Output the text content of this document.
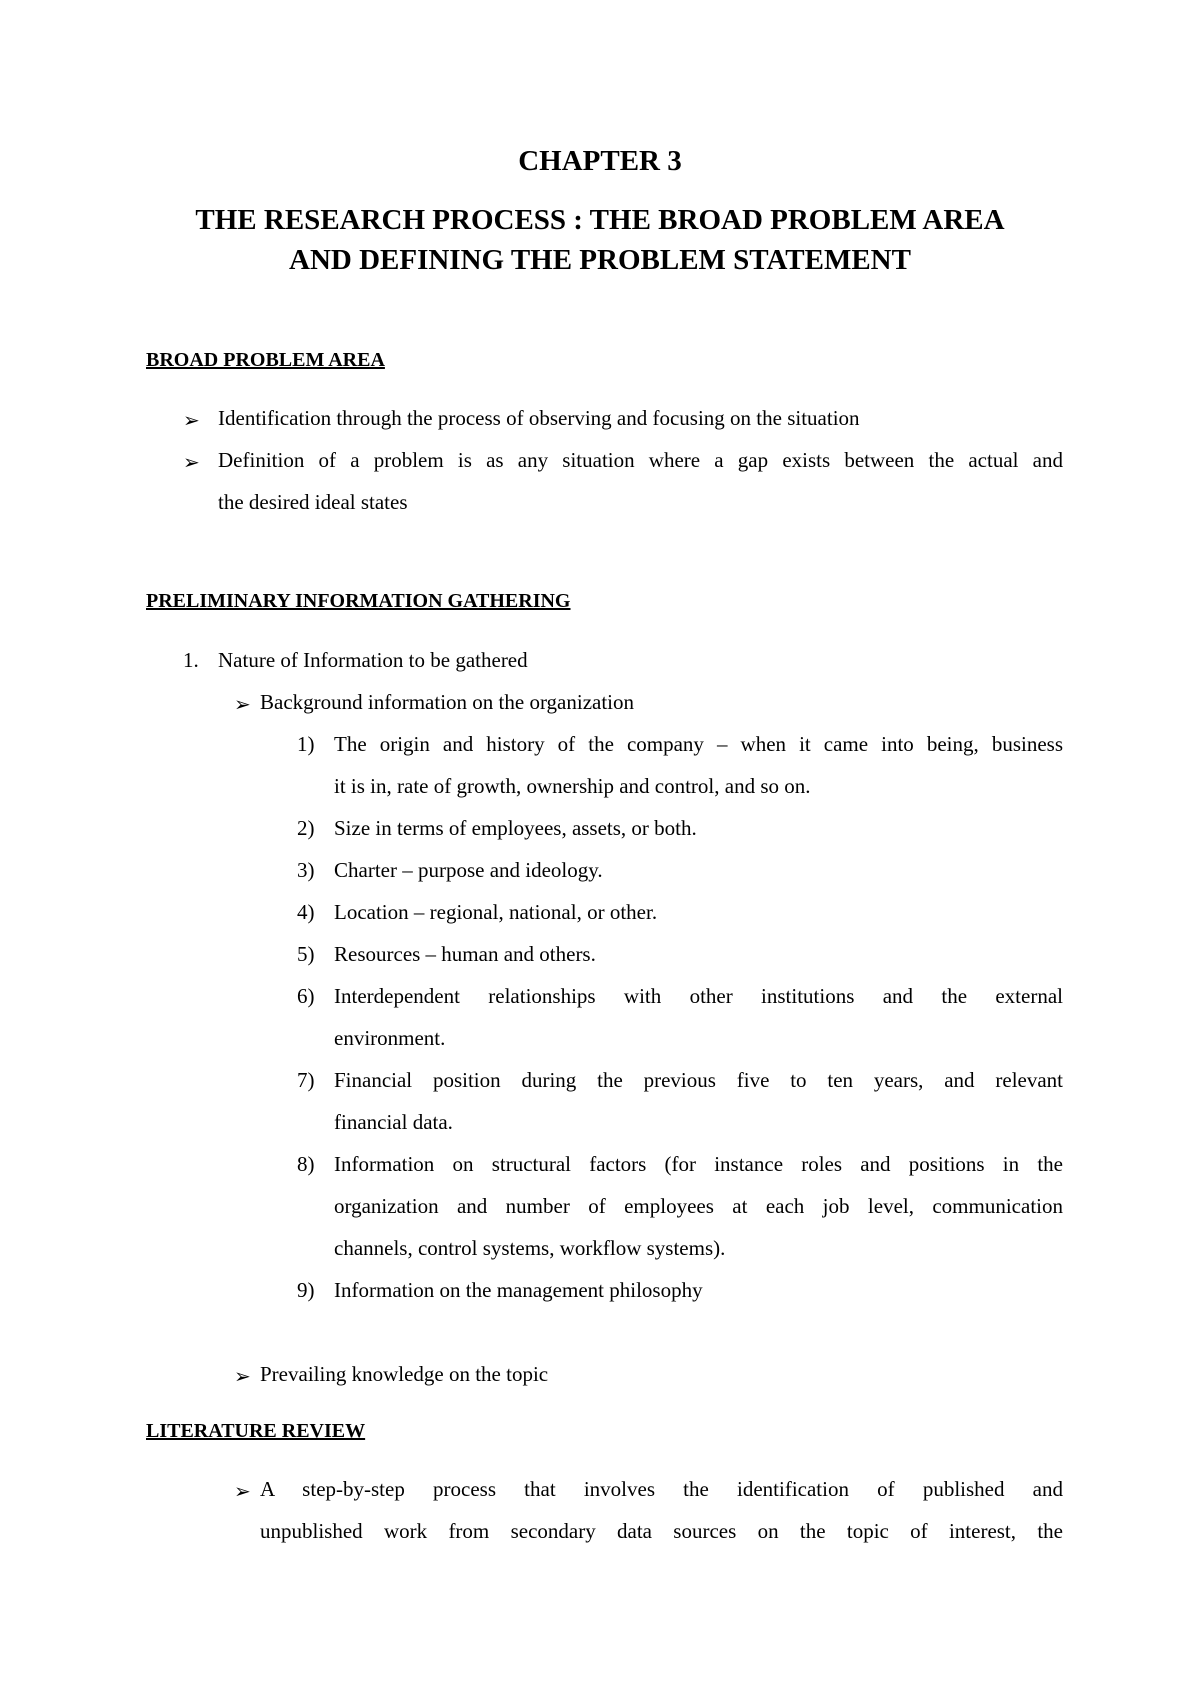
CHAPTER 3
THE RESEARCH PROCESS : THE BROAD PROBLEM AREA
AND DEFINING THE PROBLEM STATEMENT
BROAD PROBLEM AREA
➢ Identification through the process of observing and focusing on the situation
➢ Definition of a problem is as any situation where a gap exists between the actual and
the desired ideal states
PRELIMINARY INFORMATION GATHERING
1. Nature of Information to be gathered
➢ Background information on the organization
1) The origin and history of the company – when it came into being, business
it is in, rate of growth, ownership and control, and so on.
2) Size in terms of employees, assets, or both.
3) Charter – purpose and ideology.
4) Location – regional, national, or other.
5) Resources – human and others.
6) Interdependent relationships with other institutions and the external
environment.
7) Financial position during the previous five to ten years, and relevant
financial data.
8) Information on structural factors (for instance roles and positions in the
organization and number of employees at each job level, communication
channels, control systems, workflow systems).
9) Information on the management philosophy
➢ Prevailing knowledge on the topic
LITERATURE REVIEW
➢ A step-by-step process that involves the identification of published and
unpublished work from secondary data sources on the topic of interest, the
